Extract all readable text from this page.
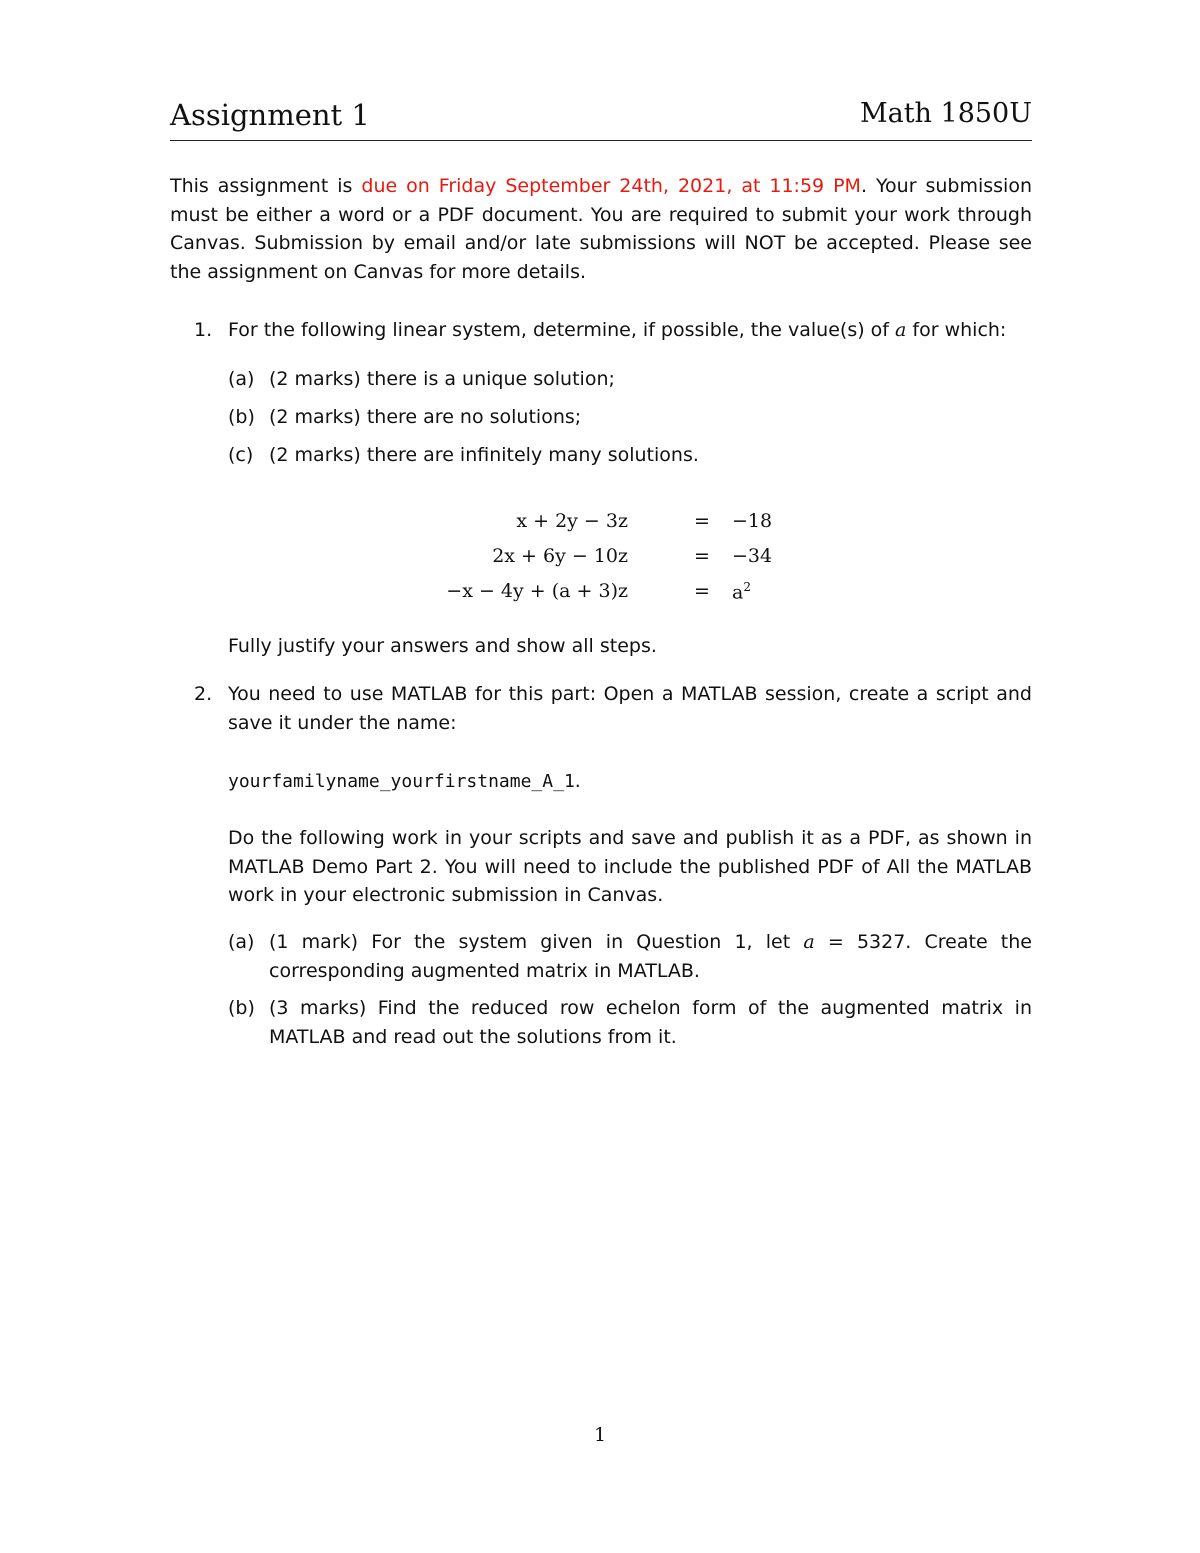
Assignment 1	Math 1850U

This assignment is due on Friday September 24th, 2021, at 11:59 PM. Your submission must be either a word or a PDF document. You are required to submit your work through Canvas. Submission by email and/or late submissions will NOT be accepted. Please see the assignment on Canvas for more details.

1. For the following linear system, determine, if possible, the value(s) of a for which:
(a) (2 marks) there is a unique solution;
(b) (2 marks) there are no solutions;
(c) (2 marks) there are infinitely many solutions.
x + 2y − 3z	= −18
2x + 6y − 10z	= −34
−x − 4y + (a + 3)z	= $a^2$
Fully justify your answers and show all steps.
2. You need to use MATLAB for this part: Open a MATLAB session, create a script and save it under the name:
yourfamilyname_yourfirstname_A_1.
Do the following work in your scripts and save and publish it as a PDF, as shown in MATLAB Demo Part 2. You will need to include the published PDF of All the MATLAB work in your electronic submission in Canvas.
(a) (1 mark) For the system given in Question 1, let a = 5327. Create the corresponding augmented matrix in MATLAB.
(b) (3 marks) Find the reduced row echelon form of the augmented matrix in MATLAB and read out the solutions from it.
1
